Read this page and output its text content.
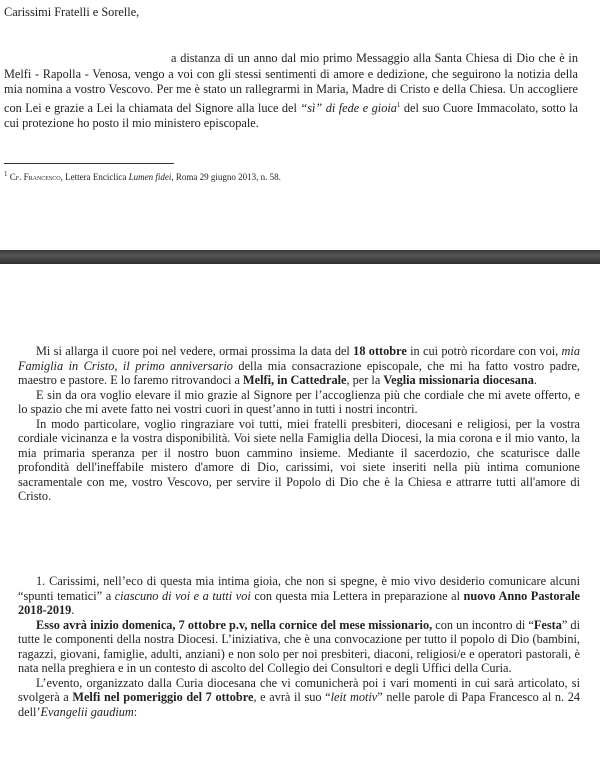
Carissimi Fratelli e Sorelle,

a distanza di un anno dal mio primo Messaggio alla Santa Chiesa di Dio che è in Melfi - Rapolla - Venosa, vengo a voi con gli stessi sentimenti di amore e dedizione, che seguirono la notizia della mia nomina a vostro Vescovo. Per me è stato un rallegrarmi in Maria, Madre di Cristo e della Chiesa. Un accogliere con Lei e grazie a Lei la chiamata del Signore alla luce del “sì” di fede e gioia$^1$ del suo Cuore Immacolato, sotto la cui protezione ho posto il mio ministero episcopale.

$^1$ Cf. Francesco, Lettera Enciclica Lumen fidei, Roma 29 giugno 2013, n. 58.
Mi si allarga il cuore poi nel vedere, ormai prossima la data del 18 ottobre in cui potrò ricordare con voi, mia Famiglia in Cristo, il primo anniversario della mia consacrazione episcopale, che mi ha fatto vostro padre, maestro e pastore. E lo faremo ritrovandoci a Melfi, in Cattedrale, per la Veglia missionaria diocesana.
E sin da ora voglio elevare il mio grazie al Signore per l’accoglienza più che cordiale che mi avete offerto, e lo spazio che mi avete fatto nei vostri cuori in quest’anno in tutti i nostri incontri.
In modo particolare, voglio ringraziare voi tutti, miei fratelli presbiteri, diocesani e religiosi, per la vostra cordiale vicinanza e la vostra disponibilità. Voi siete nella Famiglia della Diocesi, la mia corona e il mio vanto, la mia primaria speranza per il nostro buon cammino insieme. Mediante il sacerdozio, che scaturisce dalle profondità dell'ineffabile mistero d'amore di Dio, carissimi, voi siete inseriti nella più intima comunione sacramentale con me, vostro Vescovo, per servire il Popolo di Dio che è la Chiesa e attrarre tutti all'amore di Cristo.
1. Carissimi, nell’eco di questa mia intima gioia, che non si spegne, è mio vivo desiderio comunicare alcuni “spunti tematici” a ciascuno di voi e a tutti voi con questa mia Lettera in preparazione al nuovo Anno Pastorale 2018-2019.
Esso avrà inizio domenica, 7 ottobre p.v, nella cornice del mese missionario, con un incontro di “Festa” di tutte le componenti della nostra Diocesi. L’iniziativa, che è una convocazione per tutto il popolo di Dio (bambini, ragazzi, giovani, famiglie, adulti, anziani) e non solo per noi presbiteri, diaconi, religiosi/e e operatori pastorali, è nata nella preghiera e in un contesto di ascolto del Collegio dei Consultori e degli Uffici della Curia.
L’evento, organizzato dalla Curia diocesana che vi comunicherà poi i vari momenti in cui sarà articolato, si svolgerà a Melfi nel pomeriggio del 7 ottobre, e avrà il suo “leit motiv” nelle parole di Papa Francesco al n. 24 dell’Evangelii gaudium:
